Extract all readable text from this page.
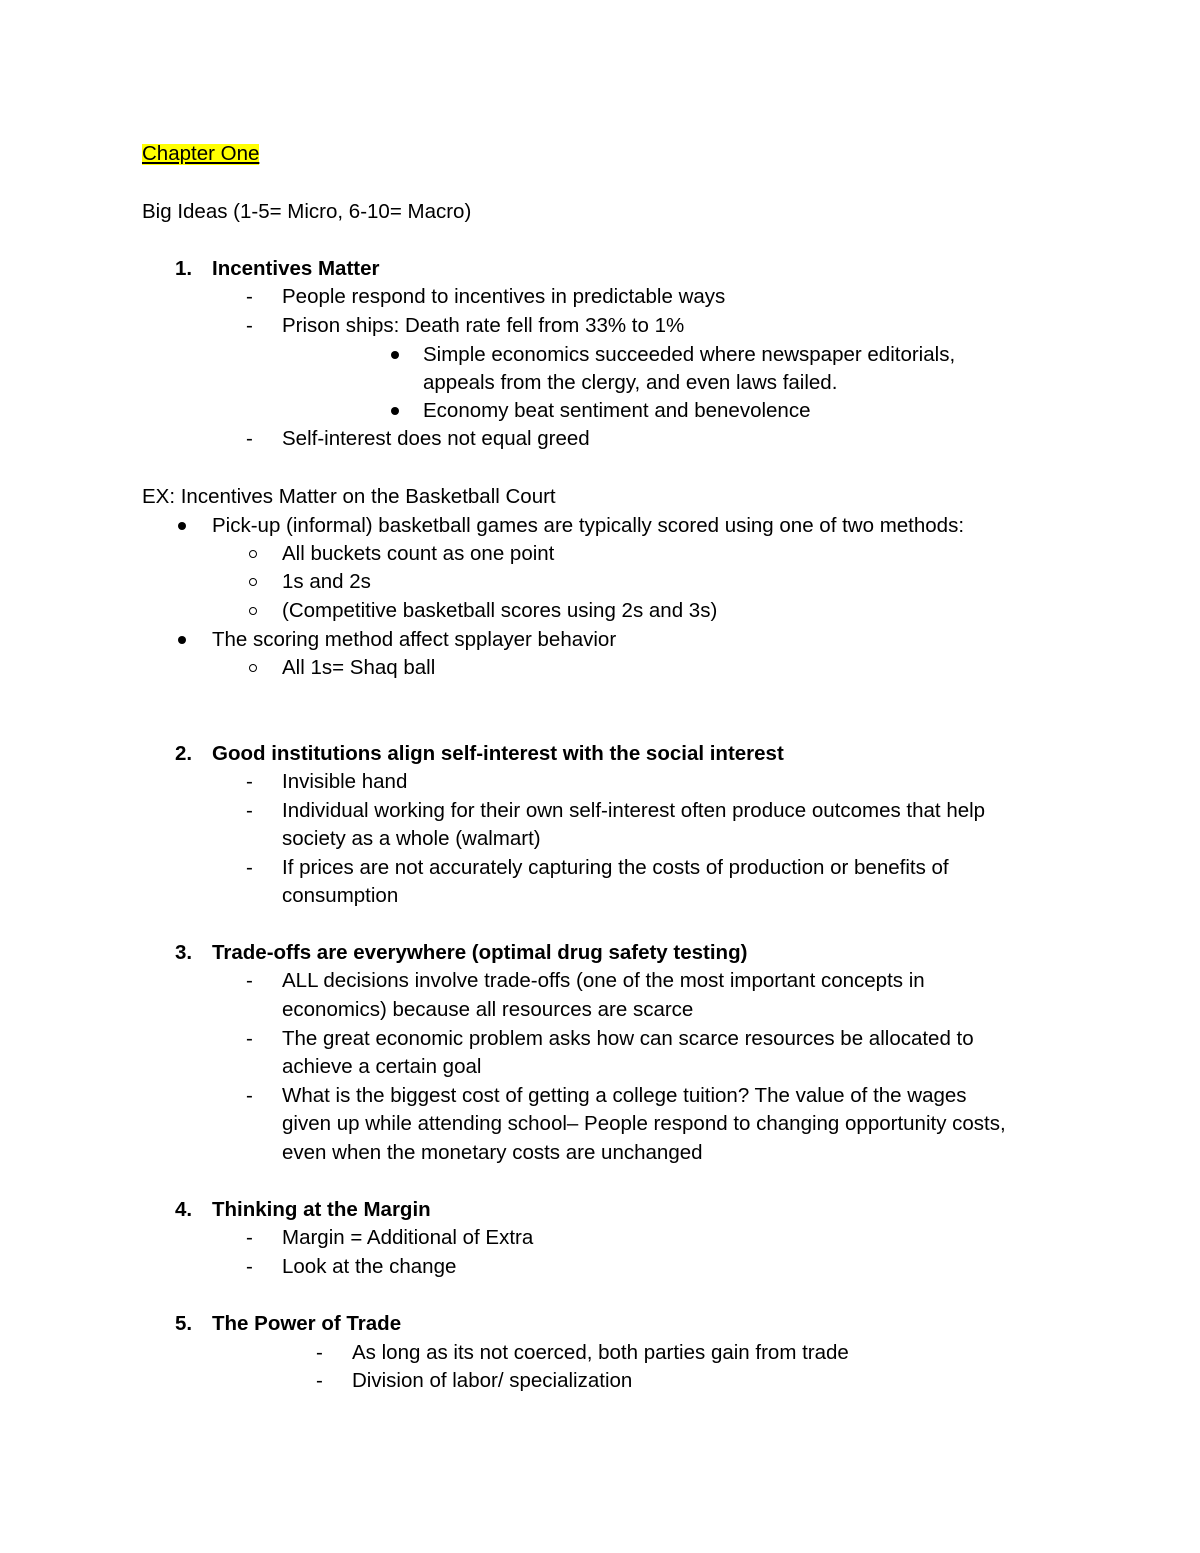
Chapter One
Big Ideas (1-5= Micro, 6-10= Macro)
1. Incentives Matter
- People respond to incentives in predictable ways
- Prison ships: Death rate fell from 33% to 1%
Simple economics succeeded where newspaper editorials,
appeals from the clergy, and even laws failed.
Economy beat sentiment and benevolence
- Self-interest does not equal greed
EX: Incentives Matter on the Basketball Court
Pick-up (informal) basketball games are typically scored using one of two methods:
All buckets count as one point
1s and 2s
(Competitive basketball scores using 2s and 3s)
The scoring method affect spplayer behavior
All 1s= Shaq ball
2. Good institutions align self-interest with the social interest
- Invisible hand
- Individual working for their own self-interest often produce outcomes that help
society as a whole (walmart)
- If prices are not accurately capturing the costs of production or benefits of
consumption
3. Trade-offs are everywhere (optimal drug safety testing)
- ALL decisions involve trade-offs (one of the most important concepts in
economics) because all resources are scarce
- The great economic problem asks how can scarce resources be allocated to
achieve a certain goal
- What is the biggest cost of getting a college tuition? The value of the wages
given up while attending school– People respond to changing opportunity costs,
even when the monetary costs are unchanged
4. Thinking at the Margin
- Margin = Additional of Extra
- Look at the change
5. The Power of Trade
- As long as its not coerced, both parties gain from trade
- Division of labor/ specialization
